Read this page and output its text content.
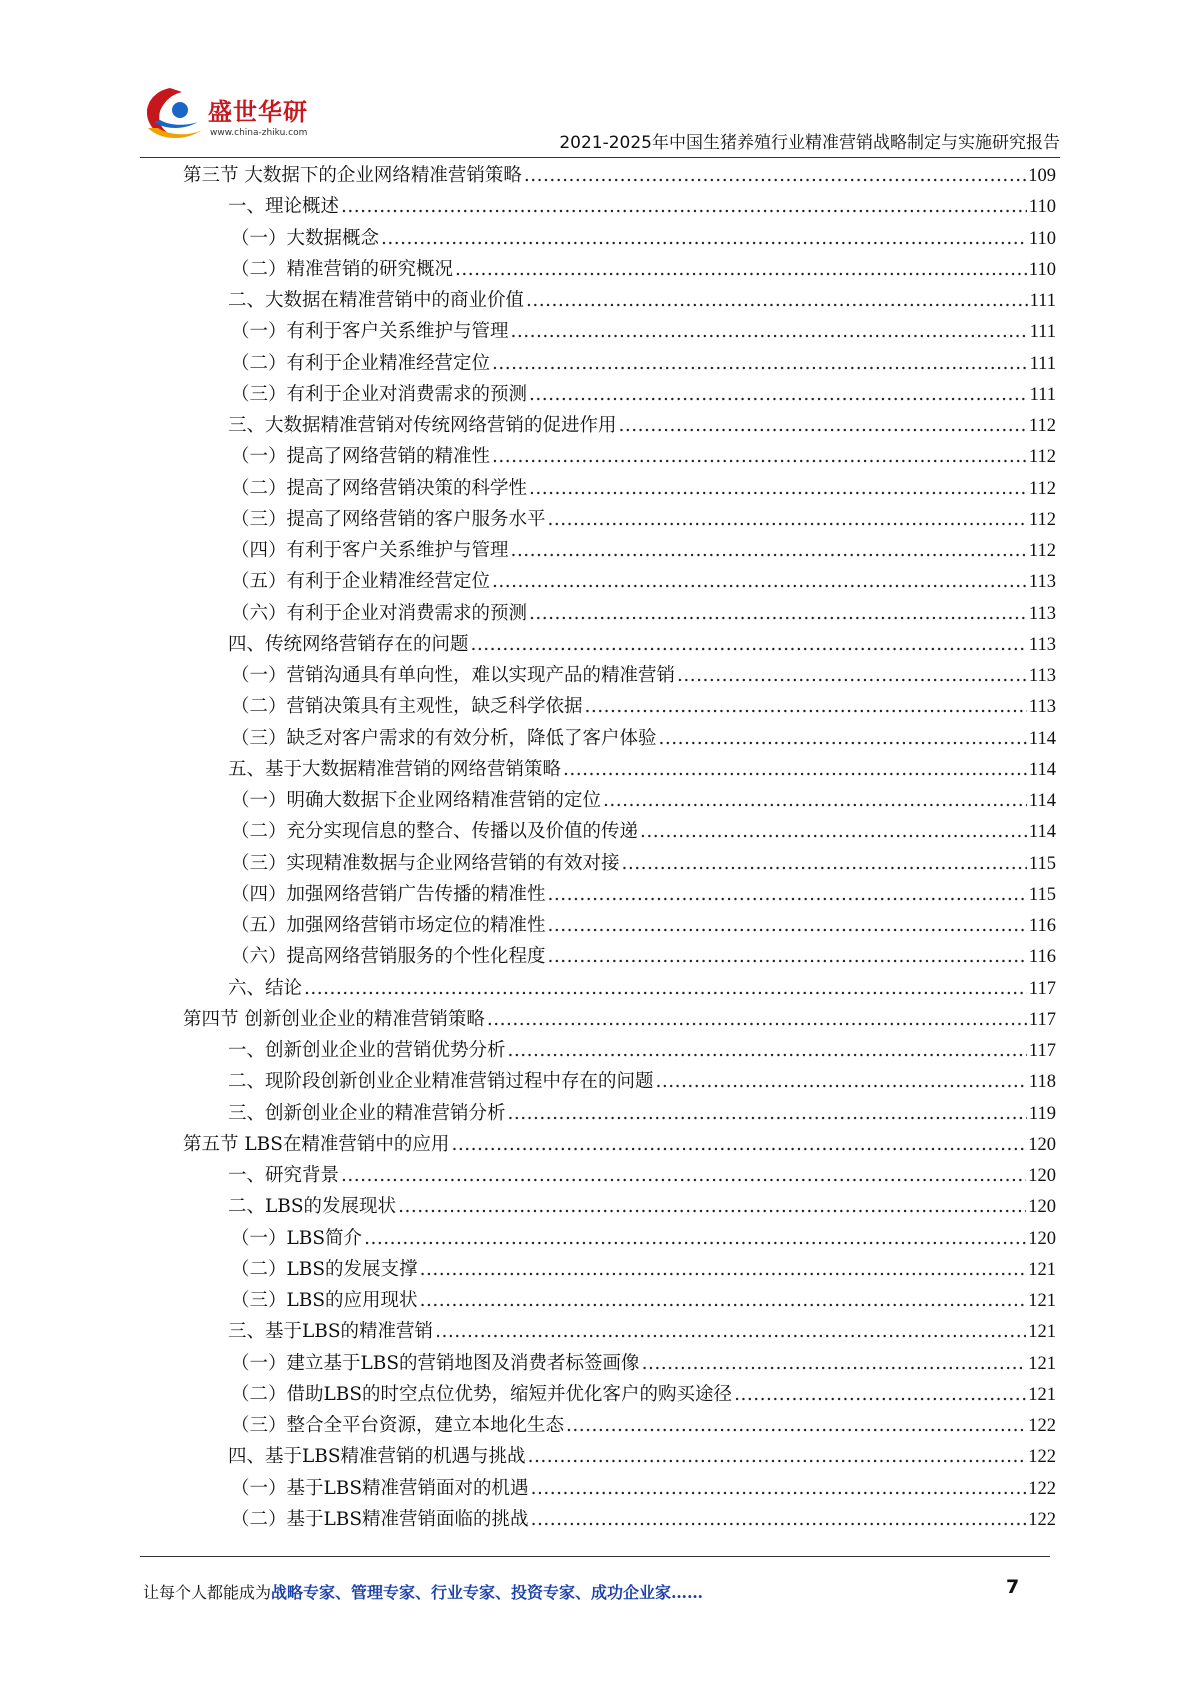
盛世华研
www.china-zhiku.com	2021-2025年中国生猪养殖行业精准营销战略制定与实施研究报告
第三节 大数据下的企业网络精准营销策略 .....	109
一、理论概述 .....	110
（一）大数据概念 .....	110
（二）精准营销的研究概况 .....	110
二、大数据在精准营销中的商业价值 .....	111
（一）有利于客户关系维护与管理 .....	111
（二）有利于企业精准经营定位 .....	111
（三）有利于企业对消费需求的预测 .....	111
三、大数据精准营销对传统网络营销的促进作用 .....	112
（一）提高了网络营销的精准性 .....	112
（二）提高了网络营销决策的科学性 .....	112
（三）提高了网络营销的客户服务水平 .....	112
（四）有利于客户关系维护与管理 .....	112
（五）有利于企业精准经营定位 .....	113
（六）有利于企业对消费需求的预测 .....	113
四、传统网络营销存在的问题 .....	113
（一）营销沟通具有单向性，难以实现产品的精准营销 .....	113
（二）营销决策具有主观性，缺乏科学依据 .....	113
（三）缺乏对客户需求的有效分析，降低了客户体验 .....	114
五、基于大数据精准营销的网络营销策略 .....	114
（一）明确大数据下企业网络精准营销的定位 .....	114
（二）充分实现信息的整合、传播以及价值的传递 .....	114
（三）实现精准数据与企业网络营销的有效对接 .....	115
（四）加强网络营销广告传播的精准性 .....	115
（五）加强网络营销市场定位的精准性 .....	116
（六）提高网络营销服务的个性化程度 .....	116
六、结论 .....	117
第四节 创新创业企业的精准营销策略 .....	117
一、创新创业企业的营销优势分析 .....	117
二、现阶段创新创业企业精准营销过程中存在的问题 .....	118
三、创新创业企业的精准营销分析 .....	119
第五节 LBS在精准营销中的应用 .....	120
一、研究背景 .....	120
二、LBS的发展现状 .....	120
（一）LBS简介 .....	120
（二）LBS的发展支撑 .....	121
（三）LBS的应用现状 .....	121
三、基于LBS的精准营销 .....	121
（一）建立基于LBS的营销地图及消费者标签画像 .....	121
（二）借助LBS的时空点位优势，缩短并优化客户的购买途径 .....	121
（三）整合全平台资源，建立本地化生态 .....	122
四、基于LBS精准营销的机遇与挑战 .....	122
（一）基于LBS精准营销面对的机遇 .....	122
（二）基于LBS精准营销面临的挑战 .....	122
让每个人都能成为战略专家、管理专家、行业专家、投资专家、成功企业家……	7
